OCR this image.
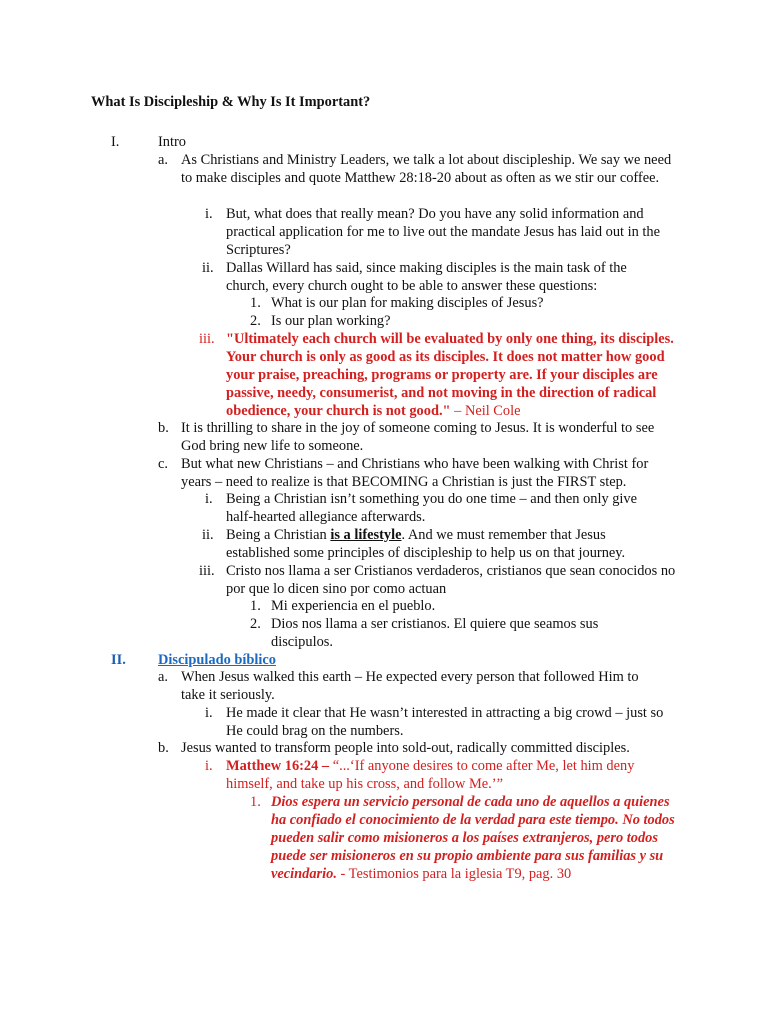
What Is Discipleship & Why Is It Important?
I.	Intro
a. As Christians and Ministry Leaders, we talk a lot about discipleship. We say we need to make disciples and quote Matthew 28:18-20 about as often as we stir our coffee.
i. But, what does that really mean? Do you have any solid information and practical application for me to live out the mandate Jesus has laid out in the Scriptures?
ii. Dallas Willard has said, since making disciples is the main task of the church, every church ought to be able to answer these questions:
1. What is our plan for making disciples of Jesus?
2. Is our plan working?
iii. "Ultimately each church will be evaluated by only one thing, its disciples. Your church is only as good as its disciples. It does not matter how good your praise, preaching, programs or property are. If your disciples are passive, needy, consumerist, and not moving in the direction of radical obedience, your church is not good." – Neil Cole
b. It is thrilling to share in the joy of someone coming to Jesus. It is wonderful to see God bring new life to someone.
c. But what new Christians – and Christians who have been walking with Christ for years – need to realize is that BECOMING a Christian is just the FIRST step.
i. Being a Christian isn’t something you do one time – and then only give half-hearted allegiance afterwards.
ii. Being a Christian is a lifestyle. And we must remember that Jesus established some principles of discipleship to help us on that journey.
iii. Cristo nos llama a ser Cristianos verdaderos, cristianos que sean conocidos no por que lo dicen sino por como actuan
1. Mi experiencia en el pueblo.
2. Dios nos llama a ser cristianos. El quiere que seamos sus discipulos.
II. Discipulado bíblico
a. When Jesus walked this earth – He expected every person that followed Him to take it seriously.
i. He made it clear that He wasn’t interested in attracting a big crowd – just so He could brag on the numbers.
b. Jesus wanted to transform people into sold-out, radically committed disciples.
i. Matthew 16:24 – “...‘If anyone desires to come after Me, let him deny himself, and take up his cross, and follow Me.’”
1. Dios espera un servicio personal de cada uno de aquellos a quienes ha confiado el conocimiento de la verdad para este tiempo. No todos pueden salir como misioneros a los países extranjeros, pero todos puede ser misioneros en su propio ambiente para sus familias y su vecindario. - Testimonios para la iglesia T9, pag. 30
